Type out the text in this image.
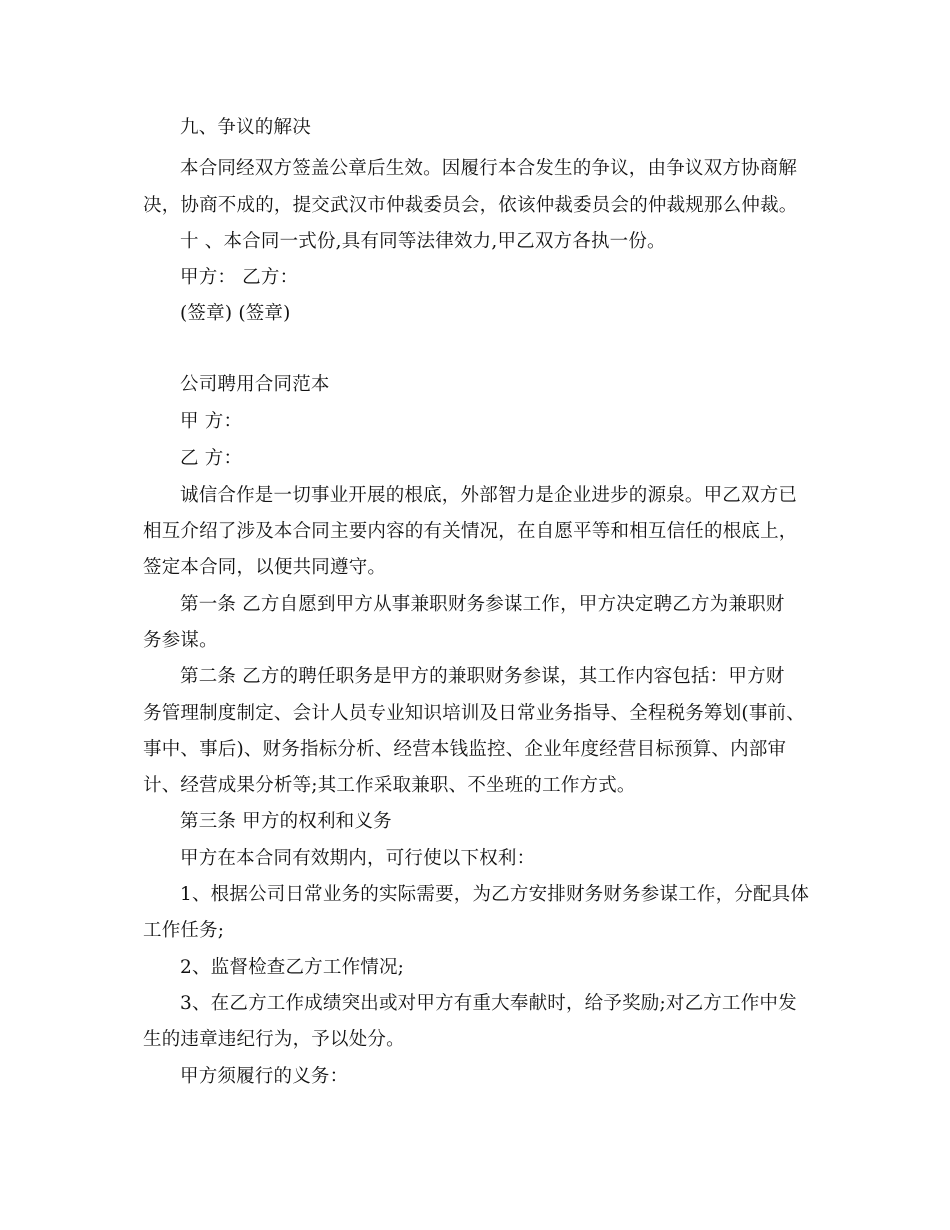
九、争议的解决
本合同经双方签盖公章后生效。因履行本合发生的争议，由争议双方协商解
决，协商不成的，提交武汉市仲裁委员会，依该仲裁委员会的仲裁规那么仲裁。
十 、本合同一式份,具有同等法律效力,甲乙双方各执一份。
甲方： 乙方：
(签章) (签章)
公司聘用合同范本
甲 方：
乙 方：
诚信合作是一切事业开展的根底，外部智力是企业进步的源泉。甲乙双方已
相互介绍了涉及本合同主要内容的有关情况，在自愿平等和相互信任的根底上，
签定本合同，以便共同遵守。
第一条 乙方自愿到甲方从事兼职财务参谋工作，甲方决定聘乙方为兼职财
务参谋。
第二条 乙方的聘任职务是甲方的兼职财务参谋，其工作内容包括：甲方财
务管理制度制定、会计人员专业知识培训及日常业务指导、全程税务筹划(事前、
事中、事后)、财务指标分析、经营本钱监控、企业年度经营目标预算、内部审
计、经营成果分析等;其工作采取兼职、不坐班的工作方式。
第三条 甲方的权利和义务
甲方在本合同有效期内，可行使以下权利：
1、根据公司日常业务的实际需要，为乙方安排财务财务参谋工作，分配具体
工作任务;
2、监督检查乙方工作情况;
3、在乙方工作成绩突出或对甲方有重大奉献时，给予奖励;对乙方工作中发
生的违章违纪行为，予以处分。
甲方须履行的义务：
